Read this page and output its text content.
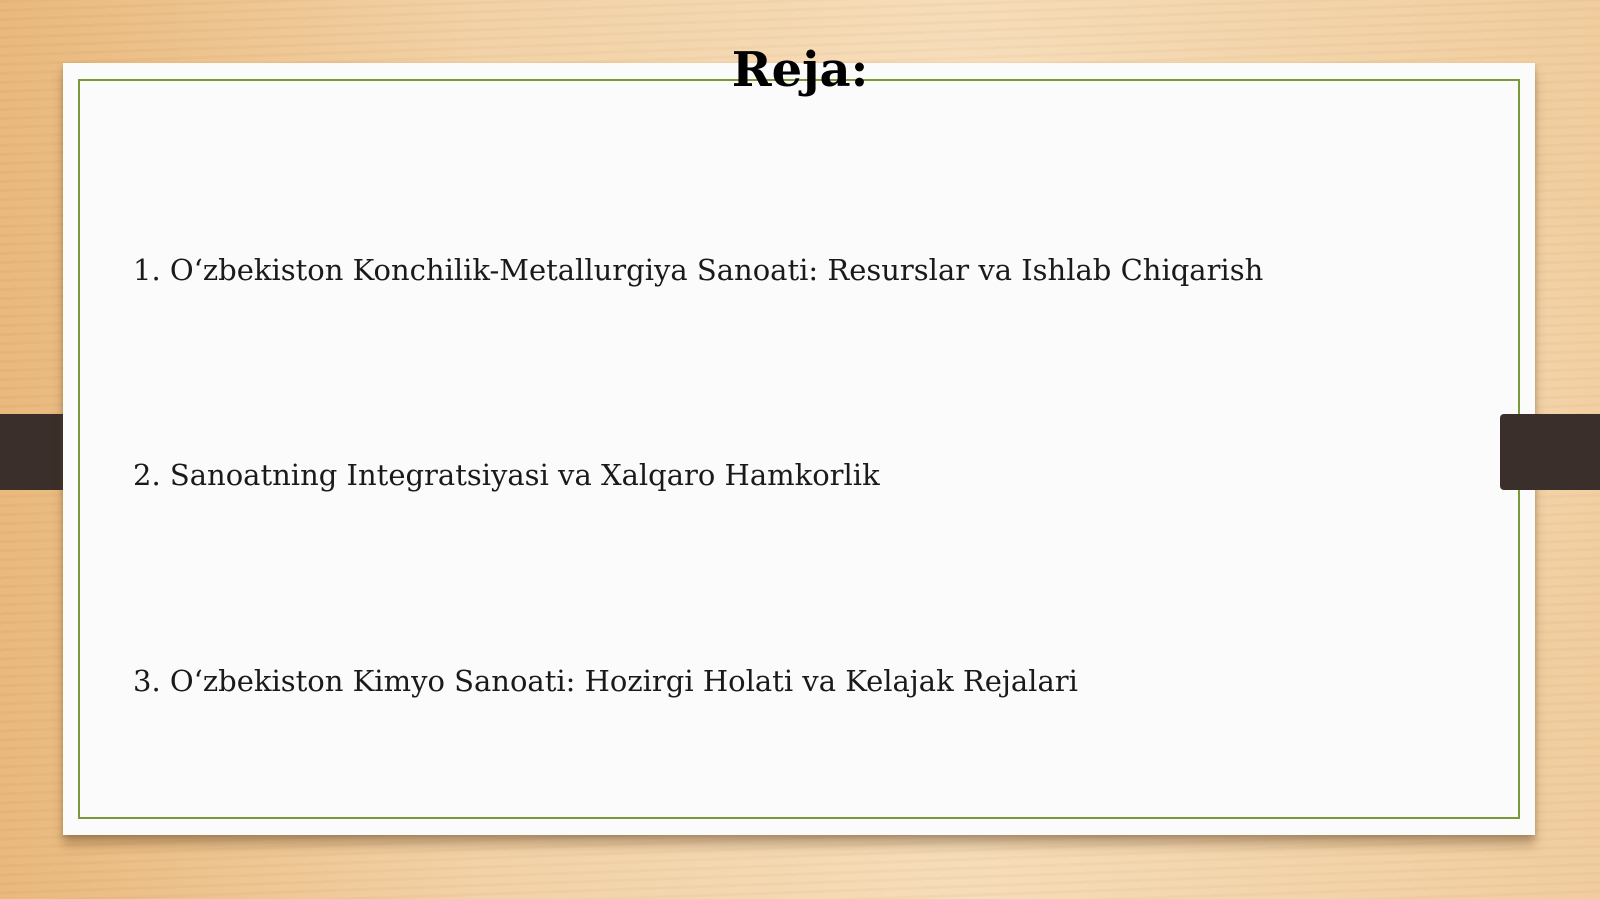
Reja:
1. O‘zbekiston Konchilik-Metallurgiya Sanoati: Resurslar va Ishlab Chiqarish
2. Sanoatning Integratsiyasi va Xalqaro Hamkorlik
3. O‘zbekiston Kimyo Sanoati: Hozirgi Holati va Kelajak Rejalari
